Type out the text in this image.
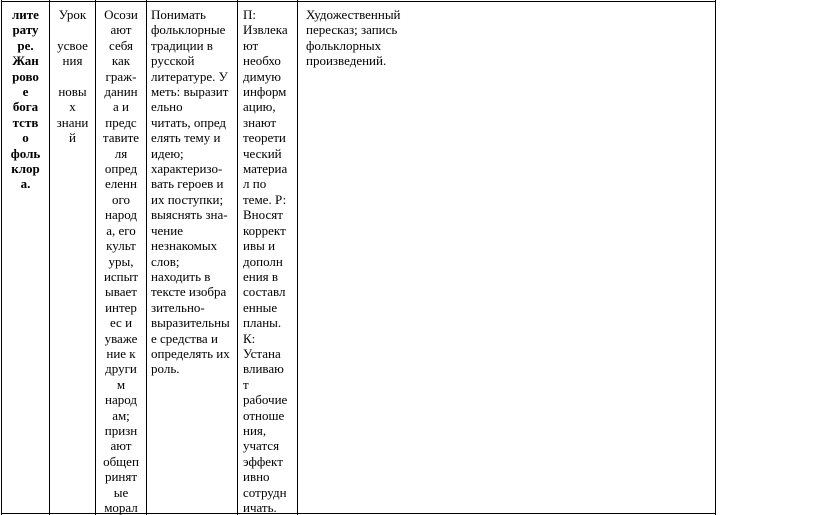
лите
рату
ре.
Жан
рово
е
бога
тств
о
фоль
клор
а.
Урок

усвое
ния

новы
х
знани
й
Осози
ают
себя
как
граж-
данин
а и
предс
тавите
ля
опред
еленн
ого
народ
а, его
культ
уры,
испыт
ывает
интер
ес и
уваже
ние к
други
м
народ
ам;
призн
ают
общеп
ринят
ые
морал
Понимать
фольклорные
традиции в
русской
литературе. У
меть: выразит
ельно
читать, опред
елять тему и
идею;
характеризо-
вать героев и
их поступки;
выяснять зна-
чение
незнакомых
слов;
находить в
тексте изобра
зительно-
выразительны
е средства и
определять их
роль.
П:
Извлека
ют
необхо
димую
информ
ацию,
знают
теорети
ческий
материа
л по
теме. Р:
Вносят
коррект
ивы и
дополн
ения в
составл
енные
планы.
К:
Устана
вливаю
т
рабочие
отноше
ния,
учатся
эффект
ивно
сотрудн
ичать.
Художественный
пересказ; запись
фольклорных
произведений.
